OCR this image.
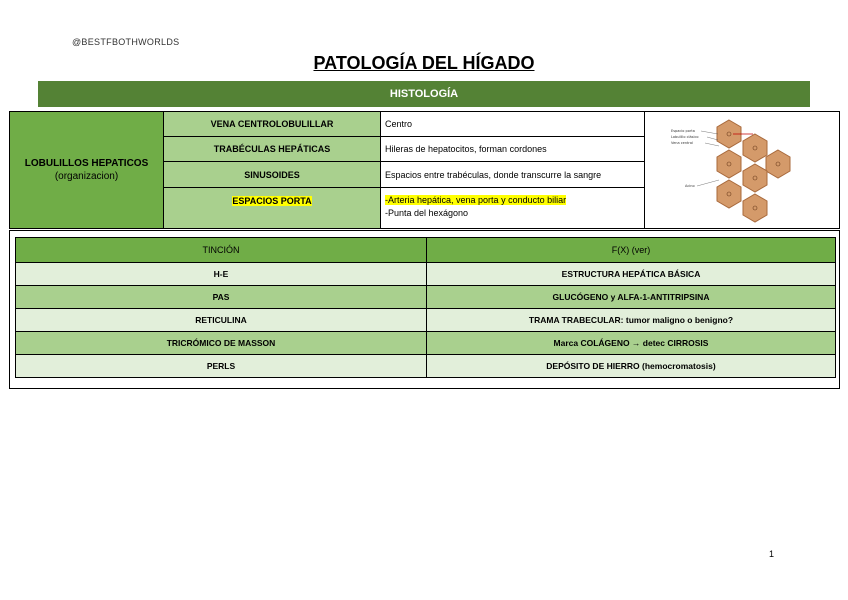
@BESTFBOTHWORLDS
PATOLOGÍA DEL HÍGADO
HISTOLOGÍA
LOBULILLOS HEPATICOS
(organizacion)
VENA CENTROLOBULILLAR	Centro
TRABÉCULAS HEPÁTICAS	Hileras de hepatocitos, forman cordones
SINUSOIDES	Espacios entre trabéculas, donde transcurre la sangre
ESPACIOS PORTA	-Arteria hepática, vena porta y conducto biliar
-Punta del hexágono
Espacio porta
Lobulillo clásico
Vena central
Acino
TINCIÓN	F(X) (ver)
H-E	ESTRUCTURA HEPÁTICA BÁSICA
PAS	GLUCÓGENO y ALFA-1-ANTITRIPSINA
RETICULINA	TRAMA TRABECULAR: tumor maligno o benigno?
TRICRÓMICO DE MASSON	Marca COLÁGENO → detec CIRROSIS
PERLS	DEPÓSITO DE HIERRO (hemocromatosis)
1
